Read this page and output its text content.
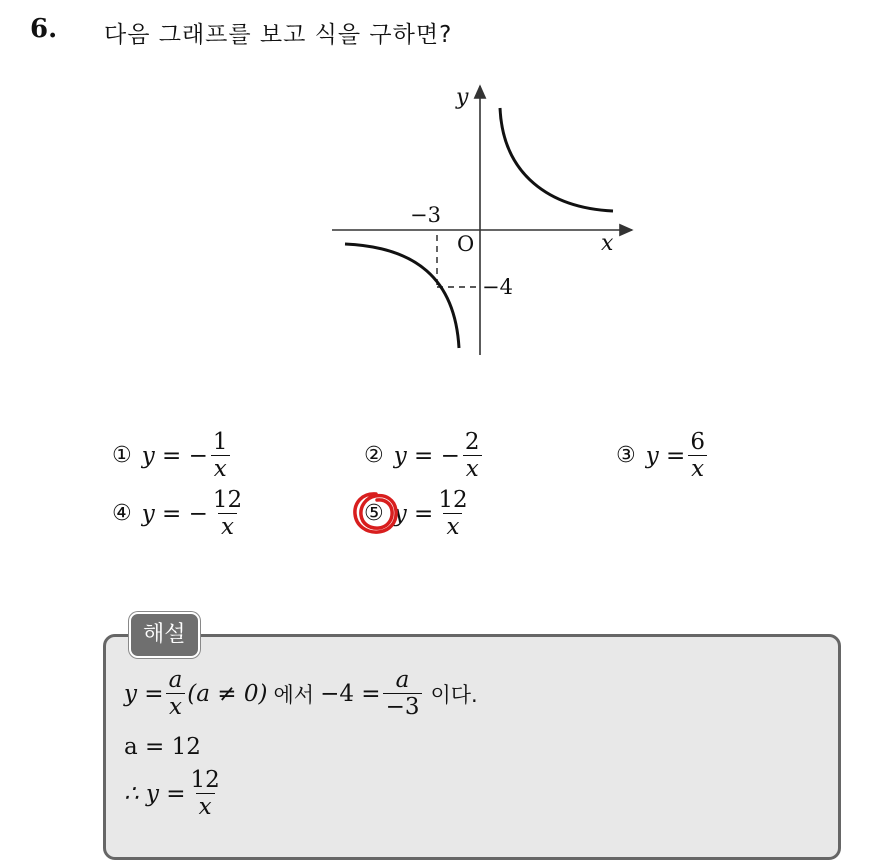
6. 다음 그래프를 보고 식을 구하면?
y
x
O
−3
−4
① y = − $\frac{1}{x}$	② y = − $\frac{2}{x}$	③ $y = \frac{6}{x}$
④ y = − $\frac{12}{x}$	⑤ $y = \frac{12}{x}$
해설
$y = \frac{a}{x} (a \ne 0)$ 에서 $-4 = \frac{a}{-3}$ 이다.
a = 12
∴ $y = \frac{12}{x}$
